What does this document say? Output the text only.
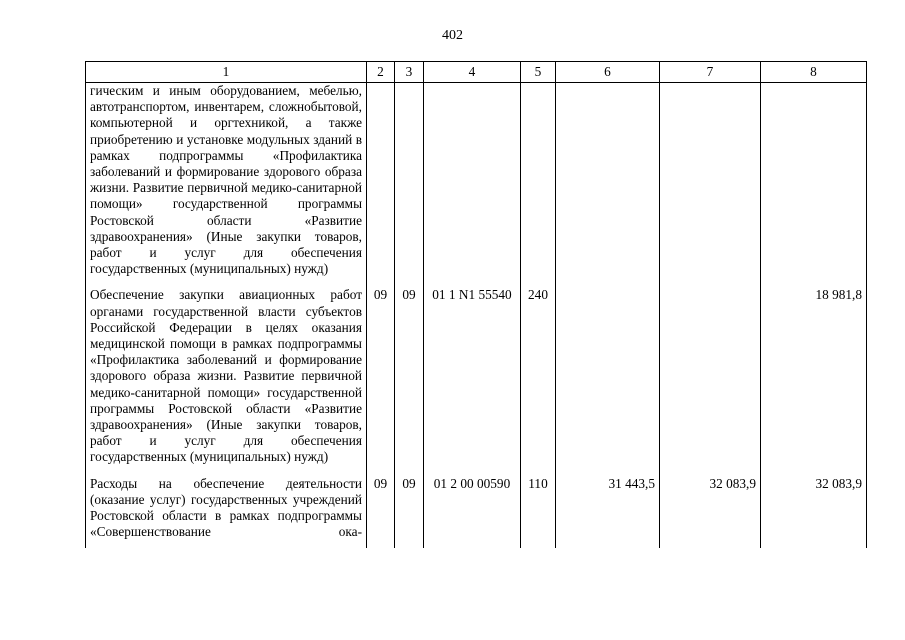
402
1	2	3	4	5	6	7	8
гическим и иным оборудованием, мебелью, автотранспортом, инвентарем, сложнобытовой, компьютерной и оргтехникой, а также приобретению и установке модульных зданий в рамках подпрограммы «Профилактика заболеваний и формирование здорового образа жизни. Развитие первичной медико-санитарной помощи» государственной программы Ростовской области «Развитие здравоохранения» (Иные закупки товаров, работ и услуг для обеспечения государственных (муниципальных) нужд)							
Обеспечение закупки авиационных работ органами государственной власти субъектов Российской Федерации в целях оказания медицинской помощи в рамках подпрограммы «Профилактика заболеваний и формирование здорового образа жизни. Развитие первичной медико-санитарной помощи» государственной программы Ростовской области «Развитие здравоохранения» (Иные закупки товаров, работ и услуг для обеспечения государственных (муниципальных) нужд)	09	09	01 1 N1 55540	240			18 981,8
Расходы на обеспечение деятельности (оказание услуг) государственных учреждений Ростовской области в рамках подпрограммы «Совершенствование ока-	09	09	01 2 00 00590	110	31 443,5	32 083,9	32 083,9
